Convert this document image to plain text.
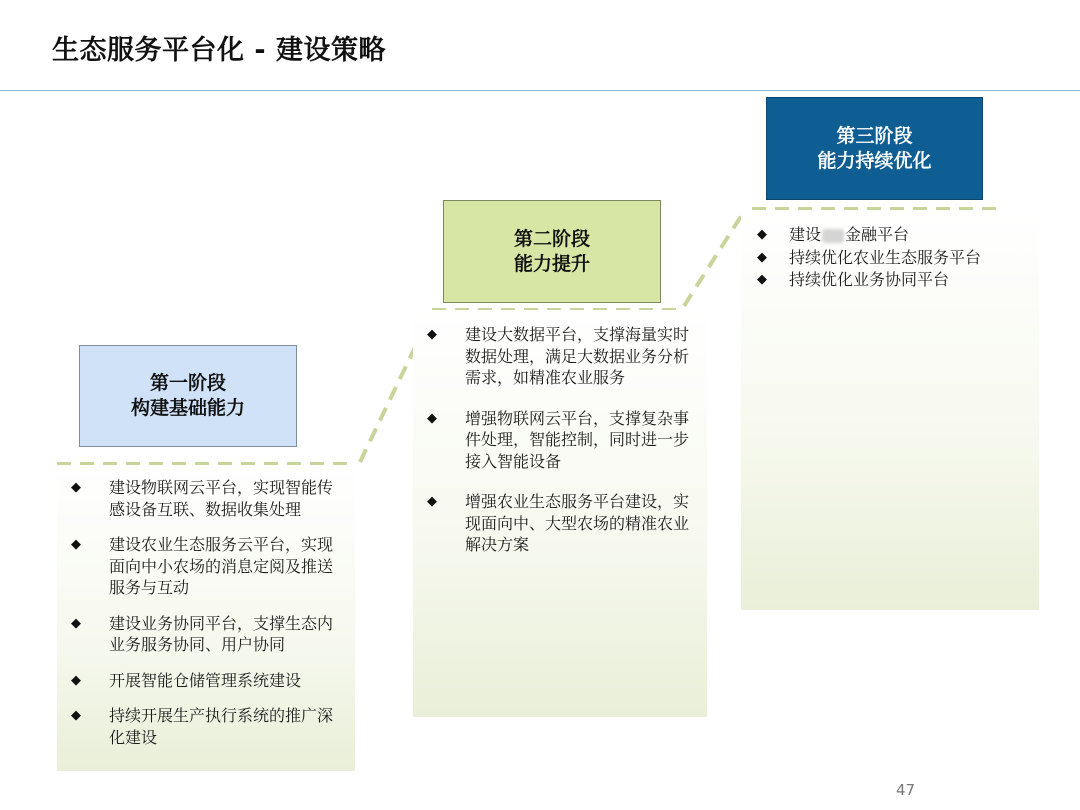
生态服务平台化 - 建设策略
第一阶段
构建基础能力
第二阶段
能力提升
第三阶段
能力持续优化
◆ 建设物联网云平台，实现智能传感设备互联、数据收集处理
◆ 建设农业生态服务云平台，实现面向中小农场的消息定阅及推送服务与互动
◆ 建设业务协同平台，支撑生态内业务服务协同、用户协同
◆ 开展智能仓储管理系统建设
◆ 持续开展生产执行系统的推广深化建设
◆ 建设大数据平台，支撑海量实时数据处理，满足大数据业务分析需求，如精准农业服务
◆ 增强物联网云平台，支撑复杂事件处理，智能控制，同时进一步接入智能设备
◆ 增强农业生态服务平台建设，实现面向中、大型农场的精准农业解决方案
◆ 建设 金融平台
◆ 持续优化农业生态服务平台
◆ 持续优化业务协同平台
47
